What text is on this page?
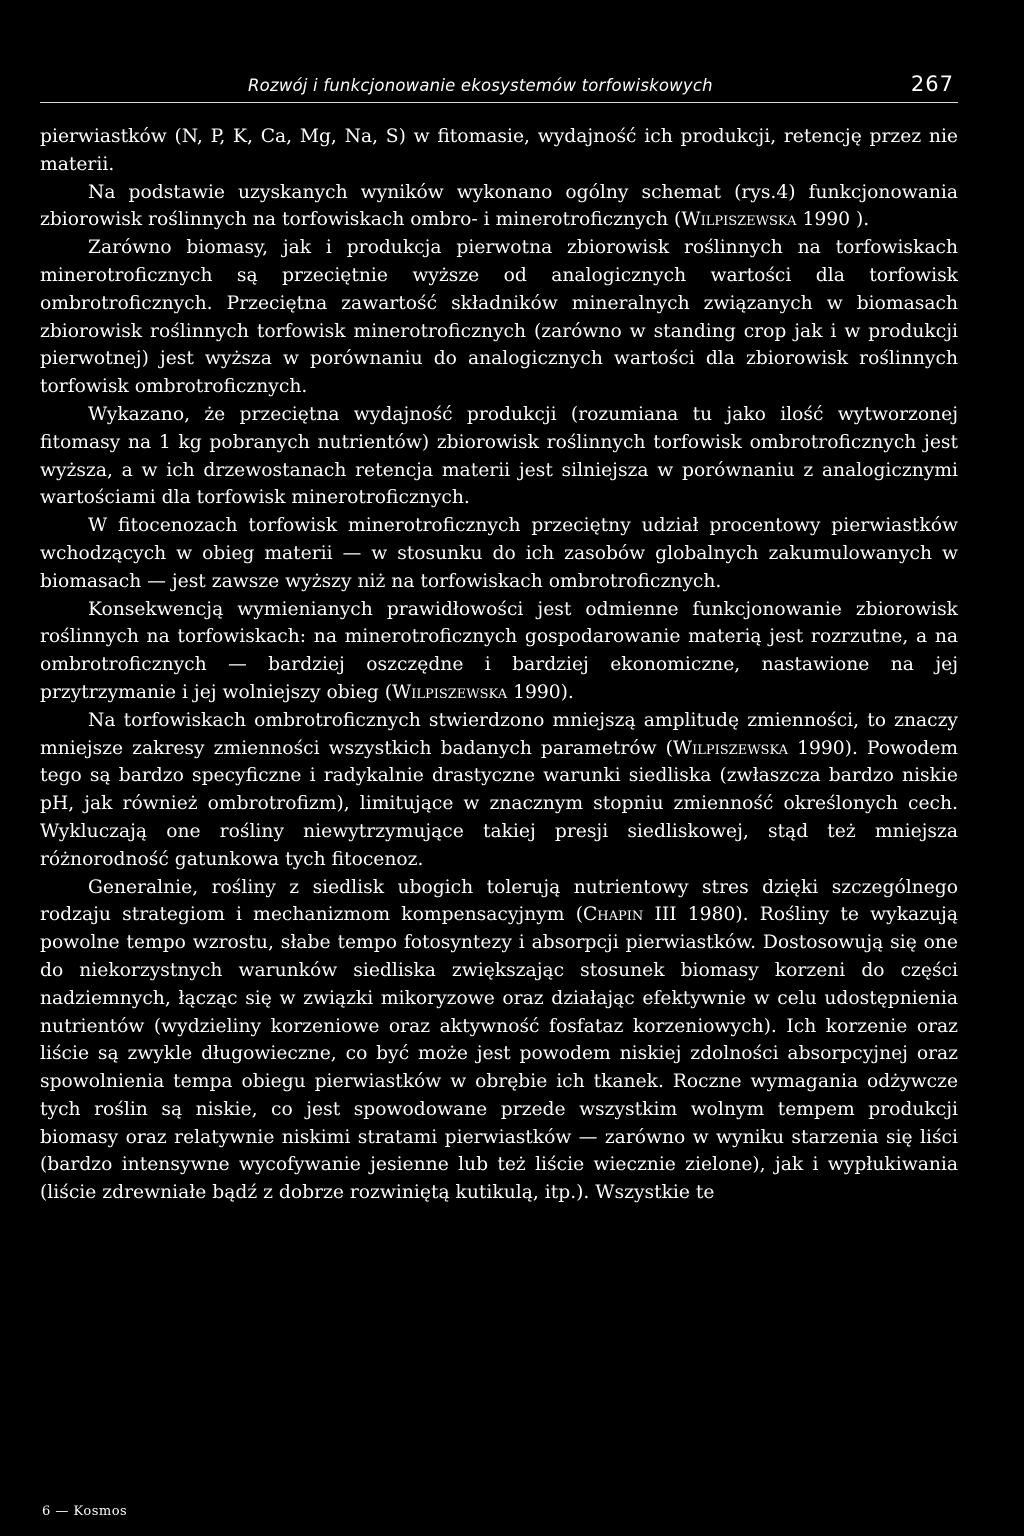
Rozwój i funkcjonowanie ekosystemów torfowiskowych	267

pierwiastków (N, P, K, Ca, Mg, Na, S) w fitomasie, wydajność ich produkcji, retencję przez nie materii.

Na podstawie uzyskanych wyników wykonano ogólny schemat (rys.4) funkcjonowania zbiorowisk roślinnych na torfowiskach ombro- i minerotroficznych (Wilpiszewska 1990 ).

Zarówno biomasy, jak i produkcja pierwotna zbiorowisk roślinnych na torfowiskach minerotroficznych są przeciętnie wyższe od analogicznych wartości dla torfowisk ombrotroficznych. Przeciętna zawartość składników mineralnych związanych w biomasach zbiorowisk roślinnych torfowisk minerotroficznych (zarówno w standing crop jak i w produkcji pierwotnej) jest wyższa w porównaniu do analogicznych wartości dla zbiorowisk roślinnych torfowisk ombrotroficznych.

Wykazano, że przeciętna wydajność produkcji (rozumiana tu jako ilość wytworzonej fitomasy na 1 kg pobranych nutrientów) zbiorowisk roślinnych torfowisk ombrotroficznych jest wyższa, a w ich drzewostanach retencja materii jest silniejsza w porównaniu z analogicznymi wartościami dla torfowisk minerotroficznych.

W fitocenozach torfowisk minerotroficznych przeciętny udział procentowy pierwiastków wchodzących w obieg materii — w stosunku do ich zasobów globalnych zakumulowanych w biomasach — jest zawsze wyższy niż na torfowiskach ombrotroficznych.

Konsekwencją wymienianych prawidłowości jest odmienne funkcjonowanie zbiorowisk roślinnych na torfowiskach: na minerotroficznych gospodarowanie materią jest rozrzutne, a na ombrotroficznych — bardziej oszczędne i bardziej ekonomiczne, nastawione na jej przytrzymanie i jej wolniejszy obieg (Wilpiszewska 1990).

Na torfowiskach ombrotroficznych stwierdzono mniejszą amplitudę zmienności, to znaczy mniejsze zakresy zmienności wszystkich badanych parametrów (Wilpiszewska 1990). Powodem tego są bardzo specyficzne i radykalnie drastyczne warunki siedliska (zwłaszcza bardzo niskie pH, jak również ombrotrofizm), limitujące w znacznym stopniu zmienność określonych cech. Wykluczają one rośliny niewytrzymujące takiej presji siedliskowej, stąd też mniejsza różnorodność gatunkowa tych fitocenoz.

Generalnie, rośliny z siedlisk ubogich tolerują nutrientowy stres dzięki szczególnego rodzaju strategiom i mechanizmom kompensacyjnym (Chapin III 1980). Rośliny te wykazują powolne tempo wzrostu, słabe tempo fotosyntezy i absorpcji pierwiastków. Dostosowują się one do niekorzystnych warunków siedliska zwiększając stosunek biomasy korzeni do części nadziemnych, łącząc się w związki mikoryzowe oraz działając efektywnie w celu udostępnienia nutrientów (wydzieliny korzeniowe oraz aktywność fosfataz korzeniowych). Ich korzenie oraz liście są zwykle długowieczne, co być może jest powodem niskiej zdolności absorpcyjnej oraz spowolnienia tempa obiegu pierwiastków w obrębie ich tkanek. Roczne wymagania odżywcze tych roślin są niskie, co jest spowodowane przede wszystkim wolnym tempem produkcji biomasy oraz relatywnie niskimi stratami pierwiastków — zarówno w wyniku starzenia się liści (bardzo intensywne wycofywanie jesienne lub też liście wiecznie zielone), jak i wypłukiwania (liście zdrewniałe bądź z dobrze rozwiniętą kutikulą, itp.). Wszystkie te

6 — Kosmos
